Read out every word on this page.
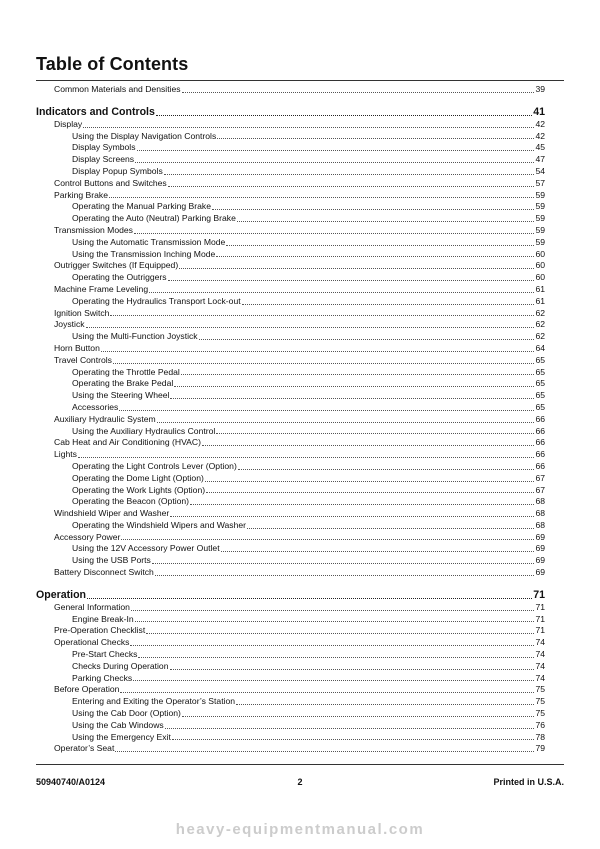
Table of Contents
Common Materials and Densities	39
Indicators and Controls	41
Display	42
Using the Display Navigation Controls	42
Display Symbols	45
Display Screens	47
Display Popup Symbols	54
Control Buttons and Switches	57
Parking Brake	59
Operating the Manual Parking Brake	59
Operating the Auto (Neutral) Parking Brake	59
Transmission Modes	59
Using the Automatic Transmission Mode	59
Using the Transmission Inching Mode	60
Outrigger Switches (If Equipped)	60
Operating the Outriggers	60
Machine Frame Leveling	61
Operating the Hydraulics Transport Lock-out	61
Ignition Switch	62
Joystick	62
Using the Multi-Function Joystick	62
Horn Button	64
Travel Controls	65
Operating the Throttle Pedal	65
Operating the Brake Pedal	65
Using the Steering Wheel	65
Accessories	65
Auxiliary Hydraulic System	66
Using the Auxiliary Hydraulics Control	66
Cab Heat and Air Conditioning (HVAC)	66
Lights	66
Operating the Light Controls Lever (Option)	66
Operating the Dome Light (Option)	67
Operating the Work Lights (Option)	67
Operating the Beacon (Option)	68
Windshield Wiper and Washer	68
Operating the Windshield Wipers and Washer	68
Accessory Power	69
Using the 12V Accessory Power Outlet	69
Using the USB Ports	69
Battery Disconnect Switch	69
Operation	71
General Information	71
Engine Break-In	71
Pre-Operation Checklist	71
Operational Checks	74
Pre-Start Checks	74
Checks During Operation	74
Parking Checks	74
Before Operation	75
Entering and Exiting the Operator’s Station	75
Using the Cab Door (Option)	75
Using the Cab Windows	76
Using the Emergency Exit	78
Operator’s Seat	79
50940740/A0124	2	Printed in U.S.A.
heavy-equipmentmanual.com
